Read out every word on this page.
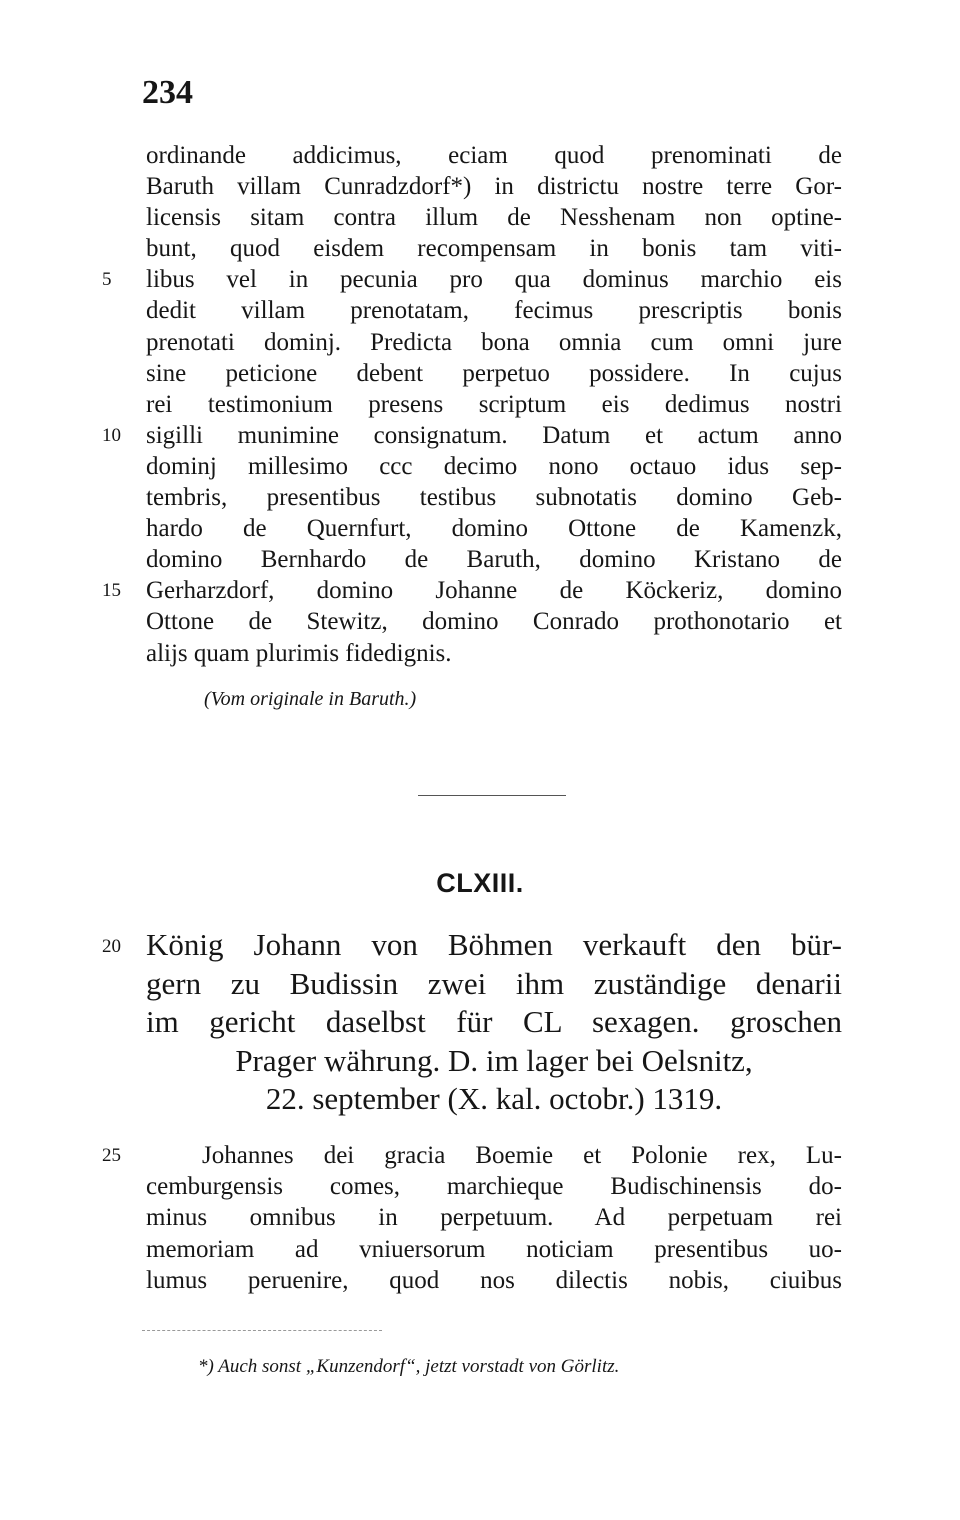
234
ordinande addicimus, eciam quod prenominati de
Baruth villam Cunradzdorf*) in districtu nostre terre Gor-
licensis sitam contra illum de Nesshenam non optine-
bunt, quod eisdem recompensam in bonis tam viti-
5	libus vel in pecunia pro qua dominus marchio eis
dedit villam prenotatam, fecimus prescriptis bonis
prenotati dominj. Predicta bona omnia cum omni jure
sine peticione debent perpetuo possidere. In cujus
rei testimonium presens scriptum eis dedimus nostri
10	sigilli munimine consignatum. Datum et actum anno
dominj millesimo ccc decimo nono octauo idus sep-
tembris, presentibus testibus subnotatis domino Geb-
hardo de Quernfurt, domino Ottone de Kamenzk,
domino Bernhardo de Baruth, domino Kristano de
15	Gerharzdorf, domino Johanne de Köckeriz, domino
Ottone de Stewitz, domino Conrado prothonotario et
alijs quam plurimis fidedignis.
(Vom originale in Baruth.)
CLXIII.
20 König Johann von Böhmen verkauft den bür-
gern zu Budissin zwei ihm zuständige denarii
im gericht daselbst für CL sexagen. groschen
Prager währung. D. im lager bei Oelsnitz,
22. september (X. kal. octobr.) 1319.
25	Johannes dei gracia Boemie et Polonie rex, Lu-
cemburgensis comes, marchieque Budischinensis do-
minus omnibus in perpetuum. Ad perpetuam rei
memoriam ad vniuersorum noticiam presentibus uo-
lumus peruenire, quod nos dilectis nobis, ciuibus
*) Auch sonst „Kunzendorf“, jetzt vorstadt von Görlitz.
